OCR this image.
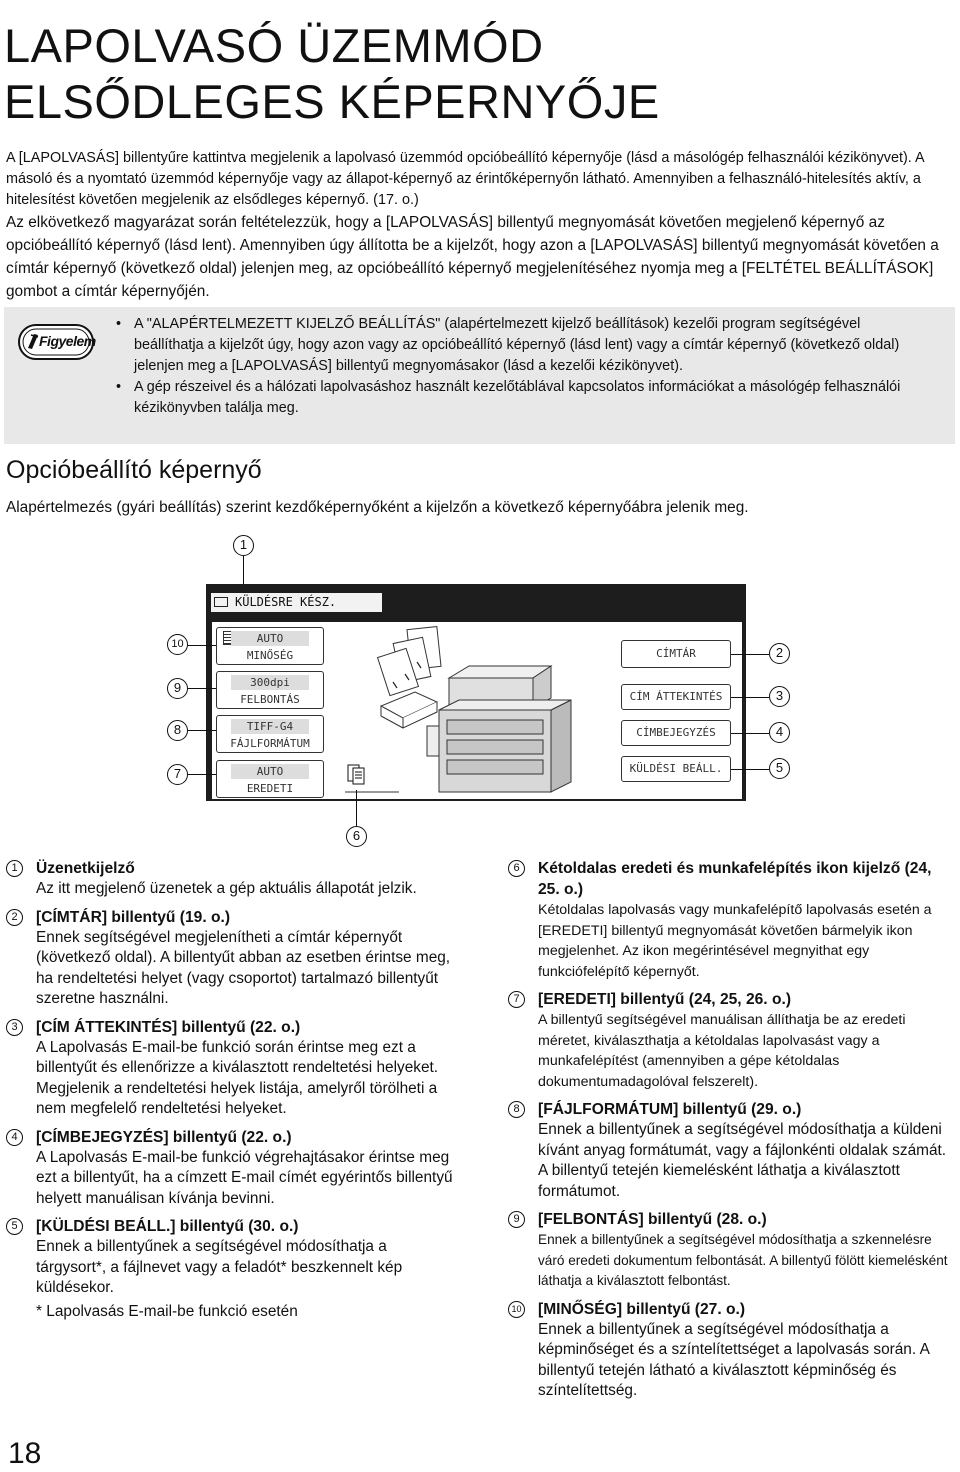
LAPOLVASÓ ÜZEMMÓD
ELSŐDLEGES KÉPERNYŐJE

A [LAPOLVASÁS] billentyűre kattintva megjelenik a lapolvasó üzemmód opcióbeállító képernyője (lásd a másológép felhasználói kézikönyvet). A másoló és a nyomtató üzemmód képernyője vagy az állapot-képernyő az érintőképernyőn látható. Amennyiben a felhasználó-hitelesítés aktív, a hitelesítést követően megjelenik az elsődleges képernyő. (17. o.)

Az elkövetkező magyarázat során feltételezzük, hogy a [LAPOLVASÁS] billentyű megnyomását követően megjelenő képernyő az opcióbeállító képernyő (lásd lent). Amennyiben úgy állította be a kijelzőt, hogy azon a [LAPOLVASÁS] billentyű megnyomását követően a címtár képernyő (következő oldal) jelenjen meg, az opcióbeállító képernyő megjelenítéséhez nyomja meg a [FELTÉTEL BEÁLLÍTÁSOK] gombot a címtár képernyőjén.

Figyelem
• A "ALAPÉRTELMEZETT KIJELZŐ BEÁLLÍTÁS" (alapértelmezett kijelző beállítások) kezelői program segítségével beállíthatja a kijelzőt úgy, hogy azon vagy az opcióbeállító képernyő (lásd lent) vagy a címtár képernyő (következő oldal) jelenjen meg a [LAPOLVASÁS] billentyű megnyomásakor (lásd a kezelői kézikönyvet).
• A gép részeivel és a hálózati lapolvasáshoz használt kezelőtáblával kapcsolatos információkat a másológép felhasználói kézikönyvben találja meg.
Opcióbeállító képernyő
Alapértelmezés (gyári beállítás) szerint kezdőképernyőként a kijelzőn a következő képernyőábra jelenik meg.
KÜLDÉSRE KÉSZ.
AUTO
MINŐSÉG
300dpi
FELBONTÁS
TIFF-G4
FÁJLFORMÁTUM
AUTO
EREDETI
CÍMTÁR
CÍM ÁTTEKINTÉS
CÍMBEJEGYZÉS
KÜLDÉSI BEÁLL.
1
2
3
4
5
6
7
8
9
10
1	Üzenetkijelző
Az itt megjelenő üzenetek a gép aktuális állapotát jelzik.
2	[CÍMTÁR] billentyű (19. o.)
Ennek segítségével megjelenítheti a címtár képernyőt (következő oldal). A billentyűt abban az esetben érintse meg, ha rendeltetési helyet (vagy csoportot) tartalmazó billentyűt szeretne használni.
3	[CÍM ÁTTEKINTÉS] billentyű (22. o.)
A Lapolvasás E-mail-be funkció során érintse meg ezt a billentyűt és ellenőrizze a kiválasztott rendeltetési helyeket. Megjelenik a rendeltetési helyek listája, amelyről törölheti a nem megfelelő rendeltetési helyeket.
4	[CÍMBEJEGYZÉS] billentyű (22. o.)
A Lapolvasás E-mail-be funkció végrehajtásakor érintse meg ezt a billentyűt, ha a címzett E-mail címét egyérintős billentyű helyett manuálisan kívánja bevinni.
5	[KÜLDÉSI BEÁLL.] billentyű (30. o.)
Ennek a billentyűnek a segítségével módosíthatja a tárgysort*, a fájlnevet vagy a feladót* beszkennelt kép küldésekor.
* Lapolvasás E-mail-be funkció esetén
6	Kétoldalas eredeti és munkafelépítés ikon kijelző (24, 25. o.)
Kétoldalas lapolvasás vagy munkafelépítő lapolvasás esetén a [EREDETI] billentyű megnyomását követően bármelyik ikon megjelenhet. Az ikon megérintésével megnyithat egy funkciófelépítő képernyőt.
7	[EREDETI] billentyű (24, 25, 26. o.)
A billentyű segítségével manuálisan állíthatja be az eredeti méretet, kiválaszthatja a kétoldalas lapolvasást vagy a munkafelépítést (amennyiben a gépe kétoldalas dokumentumadagolóval felszerelt).
8	[FÁJLFORMÁTUM] billentyű (29. o.)
Ennek a billentyűnek a segítségével módosíthatja a küldeni kívánt anyag formátumát, vagy a fájlonkénti oldalak számát. A billentyű tetején kiemelésként láthatja a kiválasztott formátumot.
9	[FELBONTÁS] billentyű (28. o.)
Ennek a billentyűnek a segítségével módosíthatja a szkennelésre váró eredeti dokumentum felbontását. A billentyű fölött kiemelésként láthatja a kiválasztott felbontást.
10 [MINŐSÉG] billentyű (27. o.)
Ennek a billentyűnek a segítségével módosíthatja a képminőséget és a színtelítettséget a lapolvasás során. A billentyű tetején látható a kiválasztott képminőség és színtelítettség.
18
